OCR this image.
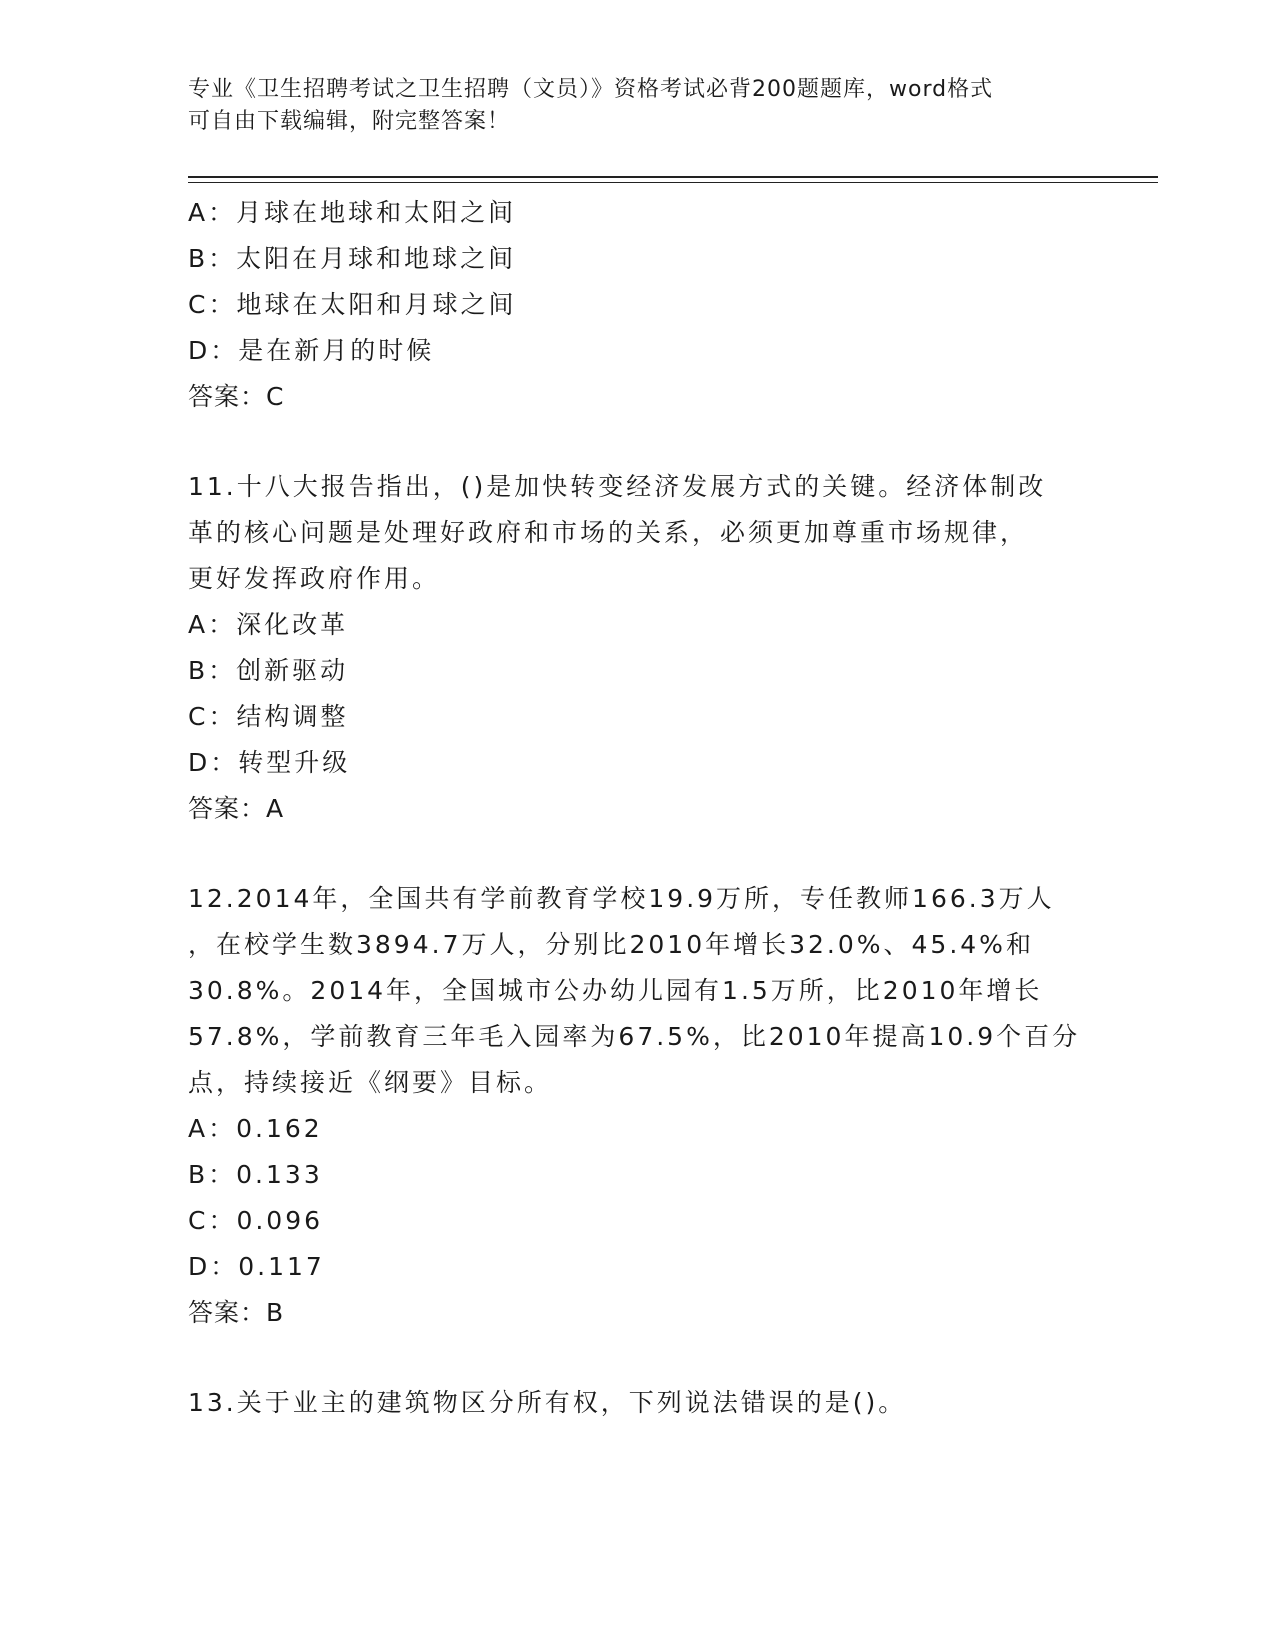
专业《卫生招聘考试之卫生招聘（文员）》资格考试必背200题题库，word格式
可自由下载编辑，附完整答案！
A：月球在地球和太阳之间
B：太阳在月球和地球之间
C：地球在太阳和月球之间
D：是在新月的时候
答案：C
11.十八大报告指出，()是加快转变经济发展方式的关键。经济体制改
革的核心问题是处理好政府和市场的关系，必须更加尊重市场规律，
更好发挥政府作用。
A：深化改革
B：创新驱动
C：结构调整
D：转型升级
答案：A
12.2014年，全国共有学前教育学校19.9万所，专任教师166.3万人
，在校学生数3894.7万人，分别比2010年增长32.0%、45.4%和
30.8%。2014年，全国城市公办幼儿园有1.5万所，比2010年增长
57.8%，学前教育三年毛入园率为67.5%，比2010年提高10.9个百分
点，持续接近《纲要》目标。
A：0.162
B：0.133
C：0.096
D：0.117
答案：B
13.关于业主的建筑物区分所有权，下列说法错误的是()。
